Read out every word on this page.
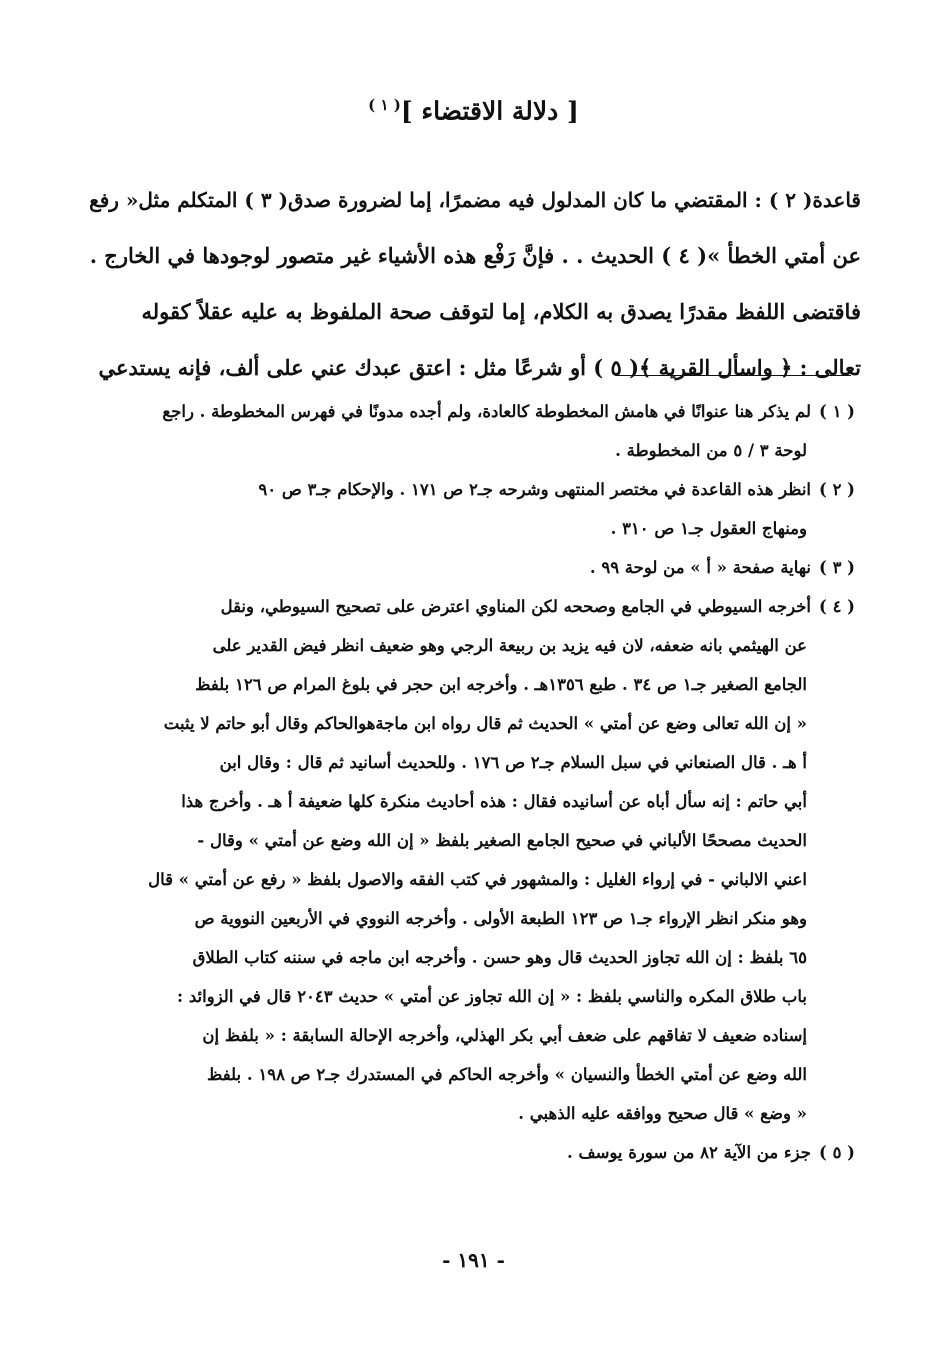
[ دلالة الاقتضاء ]$^{( ١ )}$
قاعدة( ٢ ) : المقتضي ما كان المدلول فيه مضمرًا، إما لضرورة صدق( ٣ ) المتكلم مثل« رفع
عن أمتي الخطأ »( ٤ ) الحديث . . فإنَّ رَفْع هذه الأشياء غير متصور لوجودها في الخارج .
فاقتضى اللفظ مقدرًا يصدق به الكلام، إما لتوقف صحة الملفوظ به عليه عقلاً كقوله
تعالى : ﴿ واسأل القرية ﴾( ٥ ) أو شرعًا مثل : اعتق عبدك عني على ألف، فإنه يستدعي
( ١ )لم يذكر هنا عنوانًا في هامش المخطوطة كالعادة، ولم أجده مدونًا في فهرس المخطوطة . راجع
لوحة ٣ / ٥ من المخطوطة .
( ٢ )انظر هذه القاعدة في مختصر المنتهى وشرحه جـ٢ ص ١٧١ . والإحكام جـ٣ ص ٩٠
ومنهاج العقول جـ١ ص ٣١٠ .
( ٣ )نهاية صفحة « أ » من لوحة ٩٩ .
( ٤ )أخرجه السيوطي في الجامع وصححه لكن المناوي اعترض على تصحيح السيوطي، ونقل
عن الهيثمي بانه ضعفه، لان فيه يزيد بن ربيعة الرجي وهو ضعيف انظر فيض القدير على
الجامع الصغير جـ١ ص ٣٤ . طبع ١٣٥٦هـ . وأخرجه ابن حجر في بلوغ المرام ص ١٢٦ بلفظ
« إن الله تعالى وضع عن أمتي » الحديث ثم قال رواه ابن ماجةهوالحاكم وقال أبو حاتم لا يثبت
أ هـ . قال الصنعاني في سبل السلام جـ٢ ص ١٧٦ . وللحديث أسانيد ثم قال : وقال ابن
أبي حاتم : إنه سأل أباه عن أسانيده فقال : هذه أحاديث منكرة كلها ضعيفة أ هـ . وأخرج هذا
الحديث مصححًا الألباني في صحيح الجامع الصغير بلفظ « إن الله وضع عن أمتي » وقال -
اعني الالباني - في إرواء الغليل : والمشهور في كتب الفقه والاصول بلفظ « رفع عن أمتي » قال
وهو منكر انظر الإرواء جـ١ ص ١٢٣ الطبعة الأولى . وأخرجه النووي في الأربعين النووية ص
٦٥ بلفظ : إن الله تجاوز الحديث قال وهو حسن . وأخرجه ابن ماجه في سننه كتاب الطلاق
باب طلاق المكره والناسي بلفظ : « إن الله تجاوز عن أمتي » حديث ٢٠٤٣ قال في الزوائد :
إسناده ضعيف لا تفاقهم على ضعف أبي بكر الهذلي، وأخرجه الإحالة السابقة : « بلفظ إن
الله وضع عن أمتي الخطأ والنسيان » وأخرجه الحاكم في المستدرك جـ٢ ص ١٩٨ . بلفظ
« وضع » قال صحيح ووافقه عليه الذهبي .
( ٥ )جزء من الآية ٨٢ من سورة يوسف .
- ١٩١ -
